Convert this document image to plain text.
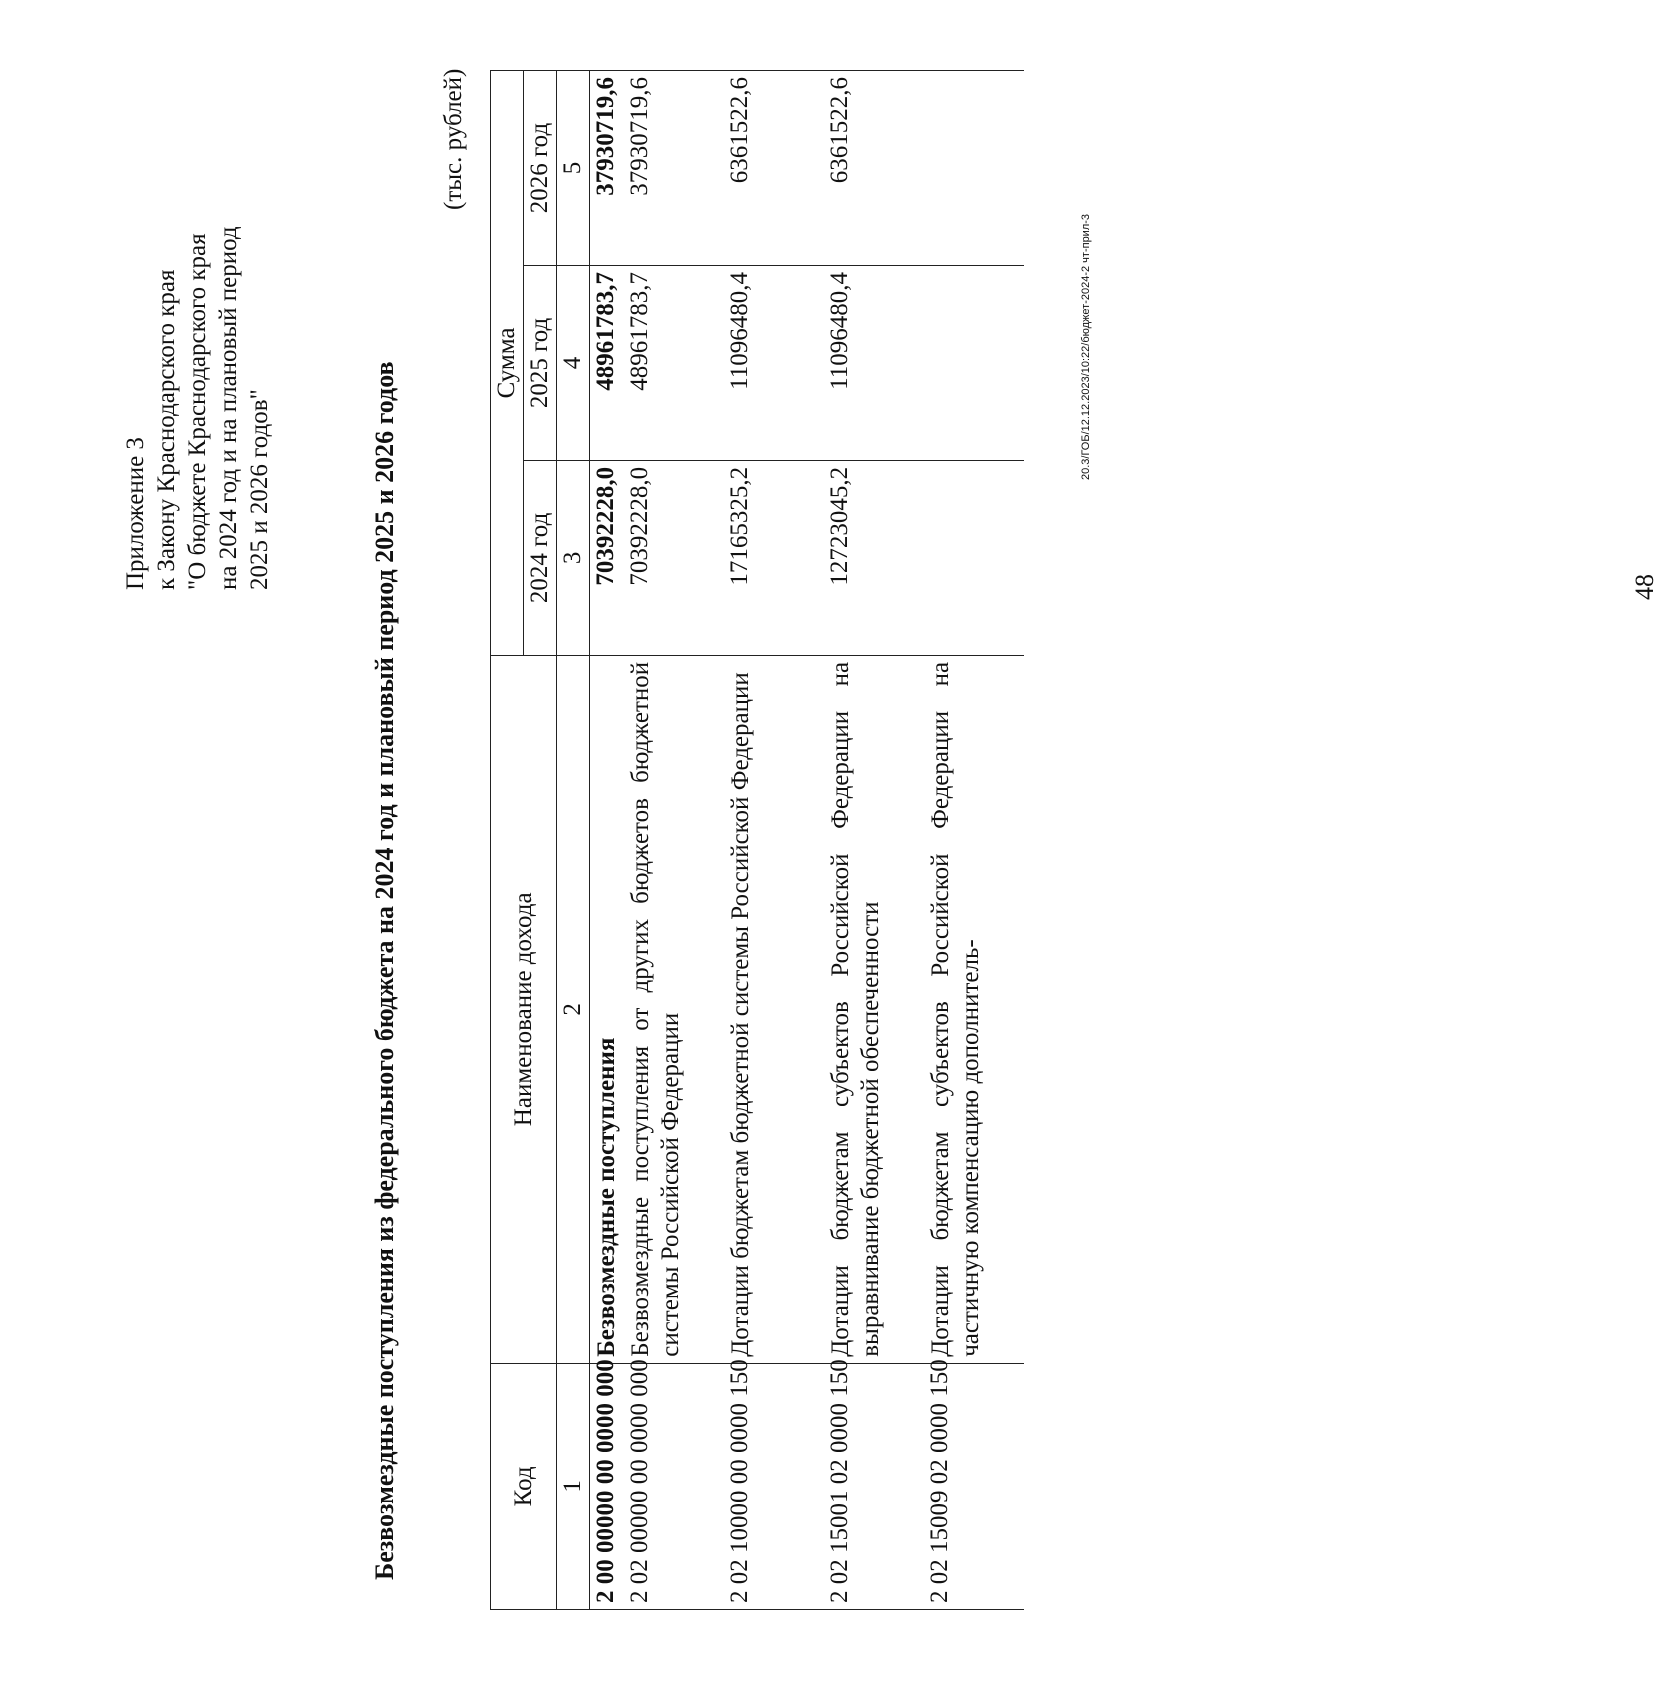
Приложение 3 к Закону Краснодарского края "О бюджете Краснодарского края на 2024 год и на плановый период 2025 и 2026 годов"	Безвозмездные поступления из федерального бюджета на 2024 год и плановый период 2025 и 2026 годов
(тыс. рублей)
Код	Наименование дохода	Сумма		
		2024 год	2025 год	2026 год
1	2	3	4	5
2 00 00000 00 0000 000	Безвозмездные поступления	70392228,0	48961783,7	37930719,6
2 02 00000 00 0000 000	Безвозмездные поступления от других бюджетов бюджетной системы Российской Федерации	70392228,0	48961783,7	37930719,6
2 02 10000 00 0000 150	Дотации бюджетам бюджетной системы Российской Федерации	17165325,2	11096480,4	6361522,6
2 02 15001 02 0000 150	Дотации бюджетам субъектов Российской Федерации на выравнивание бюджетной обеспеченности	12723045,2	11096480,4	6361522,6
2 02 15009 02 0000 150	Дотации бюджетам субъектов Российской Федерации на частичную компенсацию дополнитель-			
20.3/ГОБ/12.12.2023/10:22/бюджет-2024-2 чт-прил-3
48
